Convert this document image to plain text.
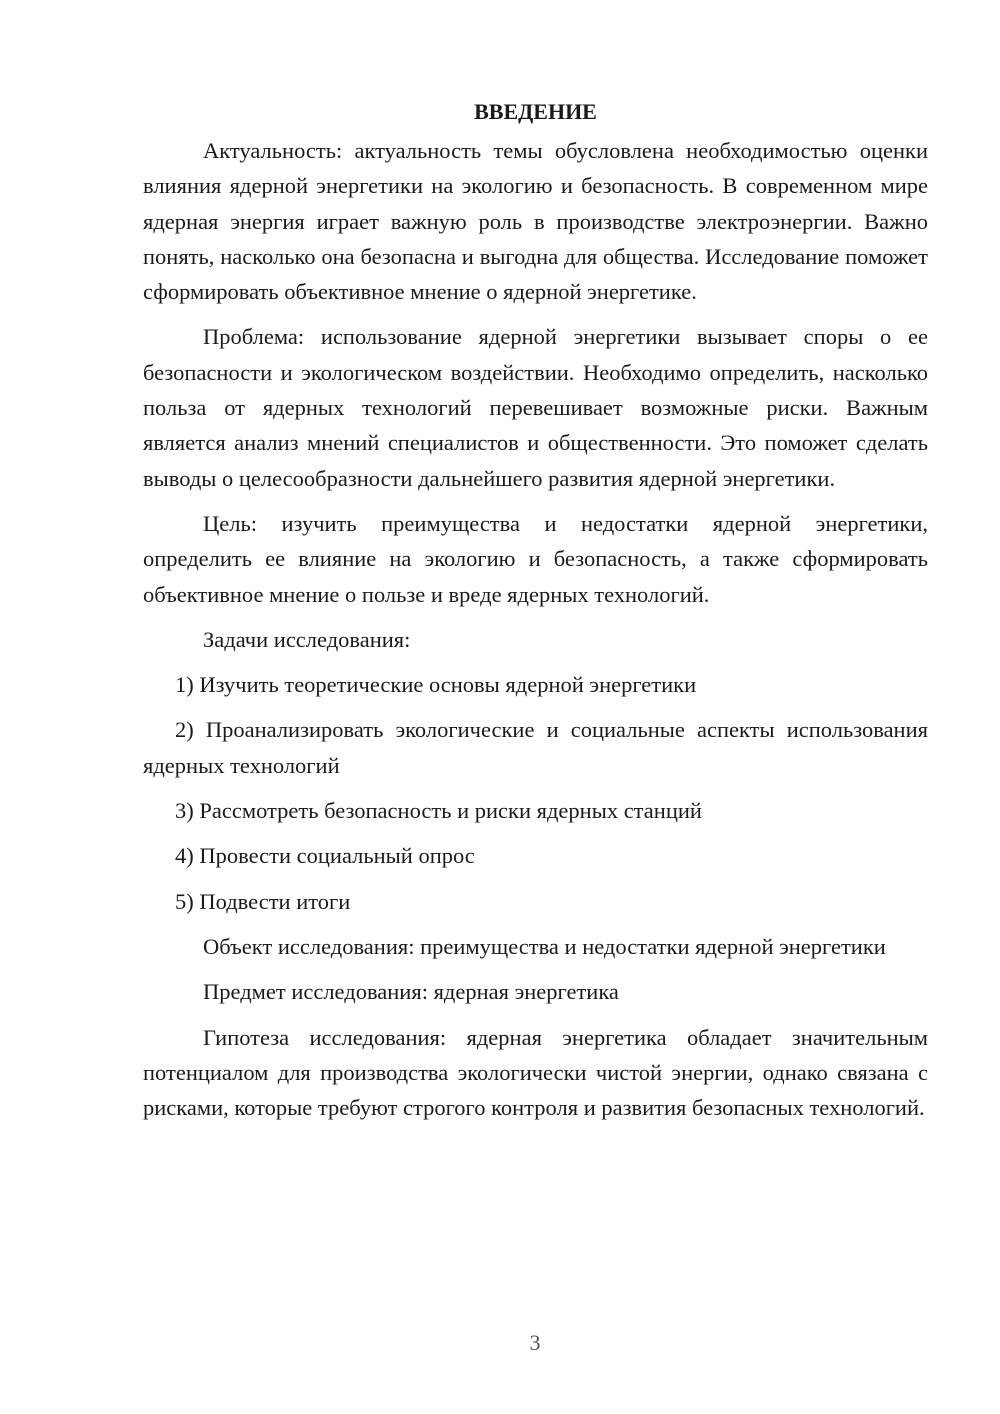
ВВЕДЕНИЕ

Актуальность: актуальность темы обусловлена необходимостью оценки влияния ядерной энергетики на экологию и безопасность. В современном мире ядерная энергия играет важную роль в производстве электроэнергии. Важно понять, насколько она безопасна и выгодна для общества. Исследование поможет сформировать объективное мнение о ядерной энергетике.

Проблема: использование ядерной энергетики вызывает споры о ее безопасности и экологическом воздействии. Необходимо определить, насколько польза от ядерных технологий перевешивает возможные риски. Важным является анализ мнений специалистов и общественности. Это поможет сделать выводы о целесообразности дальнейшего развития ядерной энергетики.

Цель: изучить преимущества и недостатки ядерной энергетики, определить ее влияние на экологию и безопасность, а также сформировать объективное мнение о пользе и вреде ядерных технологий.

Задачи исследования:

1) Изучить теоретические основы ядерной энергетики

2) Проанализировать экологические и социальные аспекты использования ядерных технологий

3) Рассмотреть безопасность и риски ядерных станций

4) Провести социальный опрос

5) Подвести итоги

Объект исследования: преимущества и недостатки ядерной энергетики

Предмет исследования: ядерная энергетика

Гипотеза исследования: ядерная энергетика обладает значительным потенциалом для производства экологически чистой энергии, однако связана с рисками, которые требуют строгого контроля и развития безопасных технологий.

3
